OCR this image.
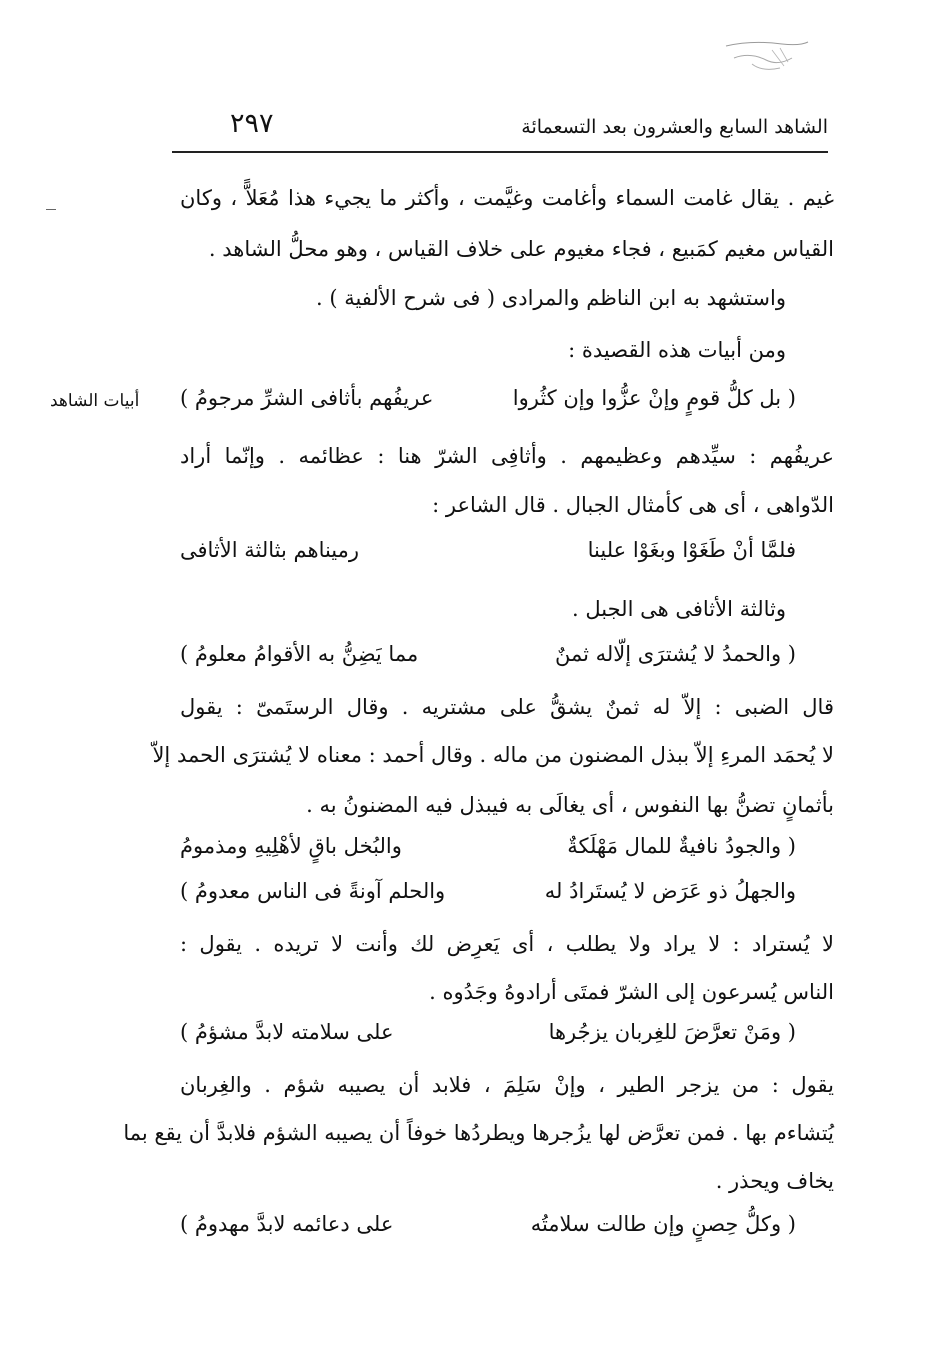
٢٩٧	الشاهد السابع والعشرون بعد التسعمائة
أبيات الشاهد
غيم . يقال غامت السماء وأغامت وغيَّمت ، وأكثر ما يجيء هذا مُعَلاًّ ، وكان
القياس مغيم كمَبيع ، فجاء مغيوم على خلاف القياس ، وهو محلُّ الشاهد .
واستشهد به ابن الناظم والمرادى ( فى شرح الألفية ) .
ومن أبيات هذه القصيدة :
( بل كلُّ قومٍ وإنْ عزُّوا وإن كثُروا
عريفُهم بأثافى الشرِّ مرجومُ )
عريفُهم : سيِّدهم وعظيمهم . وأثافِى الشرّ هنا : عظائمه . وإنّما أراد
الدّواهى ، أى هى كأمثال الجبال . قال الشاعر :
فلمَّا أنْ طَغَوْا وبغَوْا علينا
رميناهم بثالثة الأثافى
وثالثة الأثافى هى الجبل .
( والحمدُ لا يُشترَى إلّاله ثمنٌ
مما يَضِنُّ به الأقوامُ معلومُ )
قال الضبى : إلاّ له ثمنٌ يشقُّ على مشتريه . وقال الرستَمىّ : يقول
لا يُحمَد المرءِ إلاّ ببذل المضنون من ماله . وقال أحمد : معناه لا يُشترَى الحمد إلاّ
بأثمانٍ تضنُّ بها النفوس ، أى يغالَى به فيبذل فيه المضنونُ به .
( والجودُ نافيةٌ للمال مَهْلَكةٌ
والبُخل باقٍ لأهْلِيهِ ومذمومُ
والجهلُ ذو عَرَض لا يُستَرادُ له
والحلم آونةً فى الناس معدومُ )
لا يُستراد : لا يراد ولا يطلب ، أى يَعرِض لك وأنت لا تريده . يقول :
الناس يُسرعون إلى الشرّ فمتَى أرادوهُ وجَدُوه .
( ومَنْ تعرَّضَ للغِربان يزجُرها
على سلامته لابدَّ مشؤمُ )
يقول : من يزجر الطير ، وإنْ سَلِمَ ، فلابد أن يصيبه شؤم . والغِربان
يُتشاءم بها . فمن تعرَّض لها يزُجرها ويطردُها خوفاً أن يصيبه الشؤم فلابدَّ أن يقع بما
يخاف ويحذر .
( وكلُّ حِصنٍ وإن طالت سلامتُه
على دعائمه لابدَّ مهدومُ )
